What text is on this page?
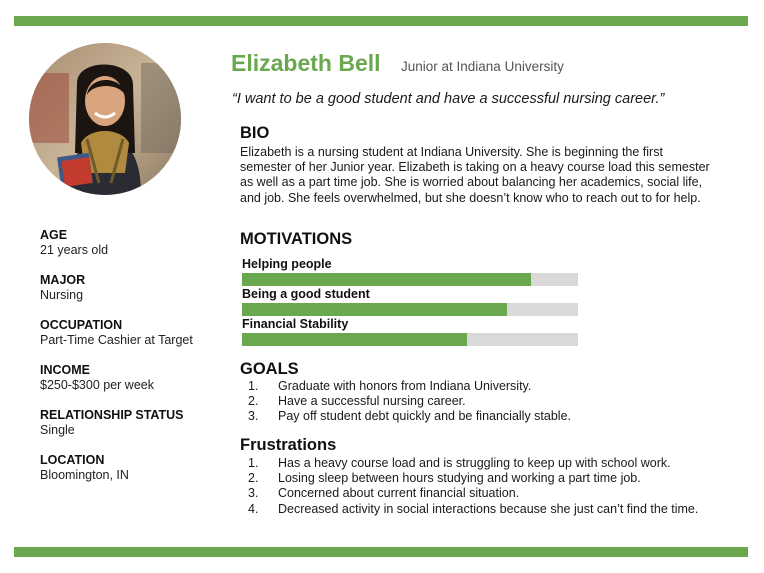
AGE
21 years old
MAJOR
Nursing
OCCUPATION
Part-Time Cashier at Target
INCOME
$250-$300 per week
RELATIONSHIP STATUS
Single
LOCATION
Bloomington, IN
Elizabeth Bell Junior at Indiana University
“I want to be a good student and have a successful nursing career.”
BIO
Elizabeth is a nursing student at Indiana University. She is beginning the first semester of her Junior year. Elizabeth is taking on a heavy course load this semester as well as a part time job. She is worried about balancing her academics, social life, and job. She feels overwhelmed, but she doesn’t know who to reach out to for help.
MOTIVATIONS
Helping people
Being a good student
Financial Stability
GOALS
1.	Graduate with honors from Indiana University.
2.	Have a successful nursing career.
3.	Pay off student debt quickly and be financially stable.
Frustrations
1.	Has a heavy course load and is struggling to keep up with school work.
2.	Losing sleep between hours studying and working a part time job.
3.	Concerned about current financial situation.
4.	Decreased activity in social interactions because she just can’t find the time.
